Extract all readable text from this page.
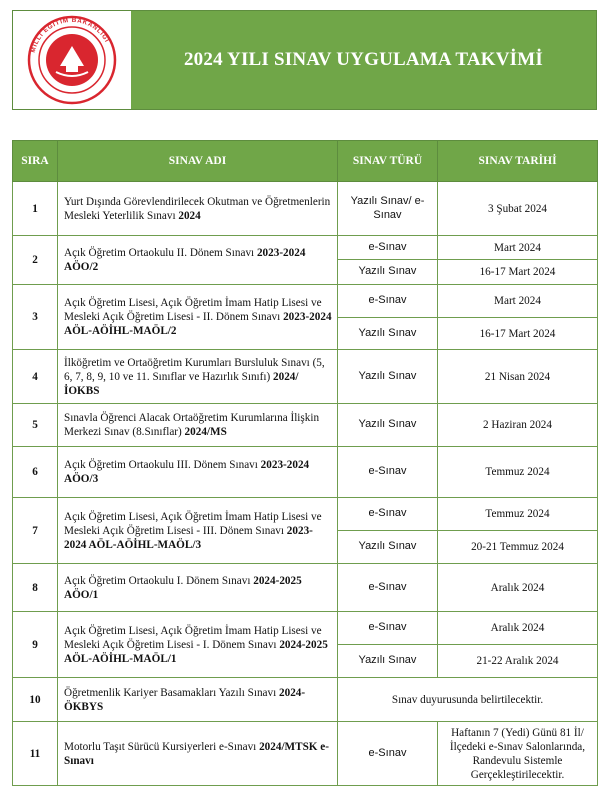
MİLLÎ EĞİTİM BAKANLIĞI
2024 YILI SINAV UYGULAMA TAKVİMİ
SIRA	SINAV ADI	SINAV TÜRÜ	SINAV TARİHİ
1	Yurt Dışında Görevlendirilecek Okutman ve Öğretmenlerin Mesleki Yeterlilik Sınavı 2024	Yazılı Sınav/ e-Sınav	3 Şubat 2024
2	Açık Öğretim Ortaokulu II. Dönem Sınavı 2023-2024 AÖO/2	e-Sınav	Mart 2024
		Yazılı Sınav	16-17 Mart 2024
3	Açık Öğretim Lisesi, Açık Öğretim İmam Hatip Lisesi ve Mesleki Açık Öğretim Lisesi - II. Dönem Sınavı 2023-2024 AÖL-AÖİHL-MAÖL/2	e-Sınav	Mart 2024
		Yazılı Sınav	16-17 Mart 2024
4	İlköğretim ve Ortaöğretim Kurumları Bursluluk Sınavı (5, 6, 7, 8, 9, 10 ve 11. Sınıflar ve Hazırlık Sınıfı) 2024/İOKBS	Yazılı Sınav	21 Nisan 2024
5	Sınavla Öğrenci Alacak Ortaöğretim Kurumlarına İlişkin Merkezi Sınav (8.Sınıflar) 2024/MS	Yazılı Sınav	2 Haziran 2024
6	Açık Öğretim Ortaokulu III. Dönem Sınavı 2023-2024 AÖO/3	e-Sınav	Temmuz 2024
7	Açık Öğretim Lisesi, Açık Öğretim İmam Hatip Lisesi ve Mesleki Açık Öğretim Lisesi - III. Dönem Sınavı 2023-2024 AÖL-AÖİHL-MAÖL/3	e-Sınav	Temmuz 2024
		Yazılı Sınav	20-21 Temmuz 2024
8	Açık Öğretim Ortaokulu I. Dönem Sınavı 2024-2025 AÖO/1	e-Sınav	Aralık 2024
9	Açık Öğretim Lisesi, Açık Öğretim İmam Hatip Lisesi ve Mesleki Açık Öğretim Lisesi - I. Dönem Sınavı 2024-2025 AÖL-AÖİHL-MAÖL/1	e-Sınav	Aralık 2024
		Yazılı Sınav	21-22 Aralık 2024
10	Öğretmenlik Kariyer Basamakları Yazılı Sınavı 2024-ÖKBYS	Sınav duyurusunda belirtilecektir.	
11	Motorlu Taşıt Sürücü Kursiyerleri e-Sınavı 2024/MTSK e-Sınavı	e-Sınav	Haftanın 7 (Yedi) Günü 81 İl/İlçedeki e-Sınav Salonlarında, Randevulu Sistemle Gerçekleştirilecektir.
